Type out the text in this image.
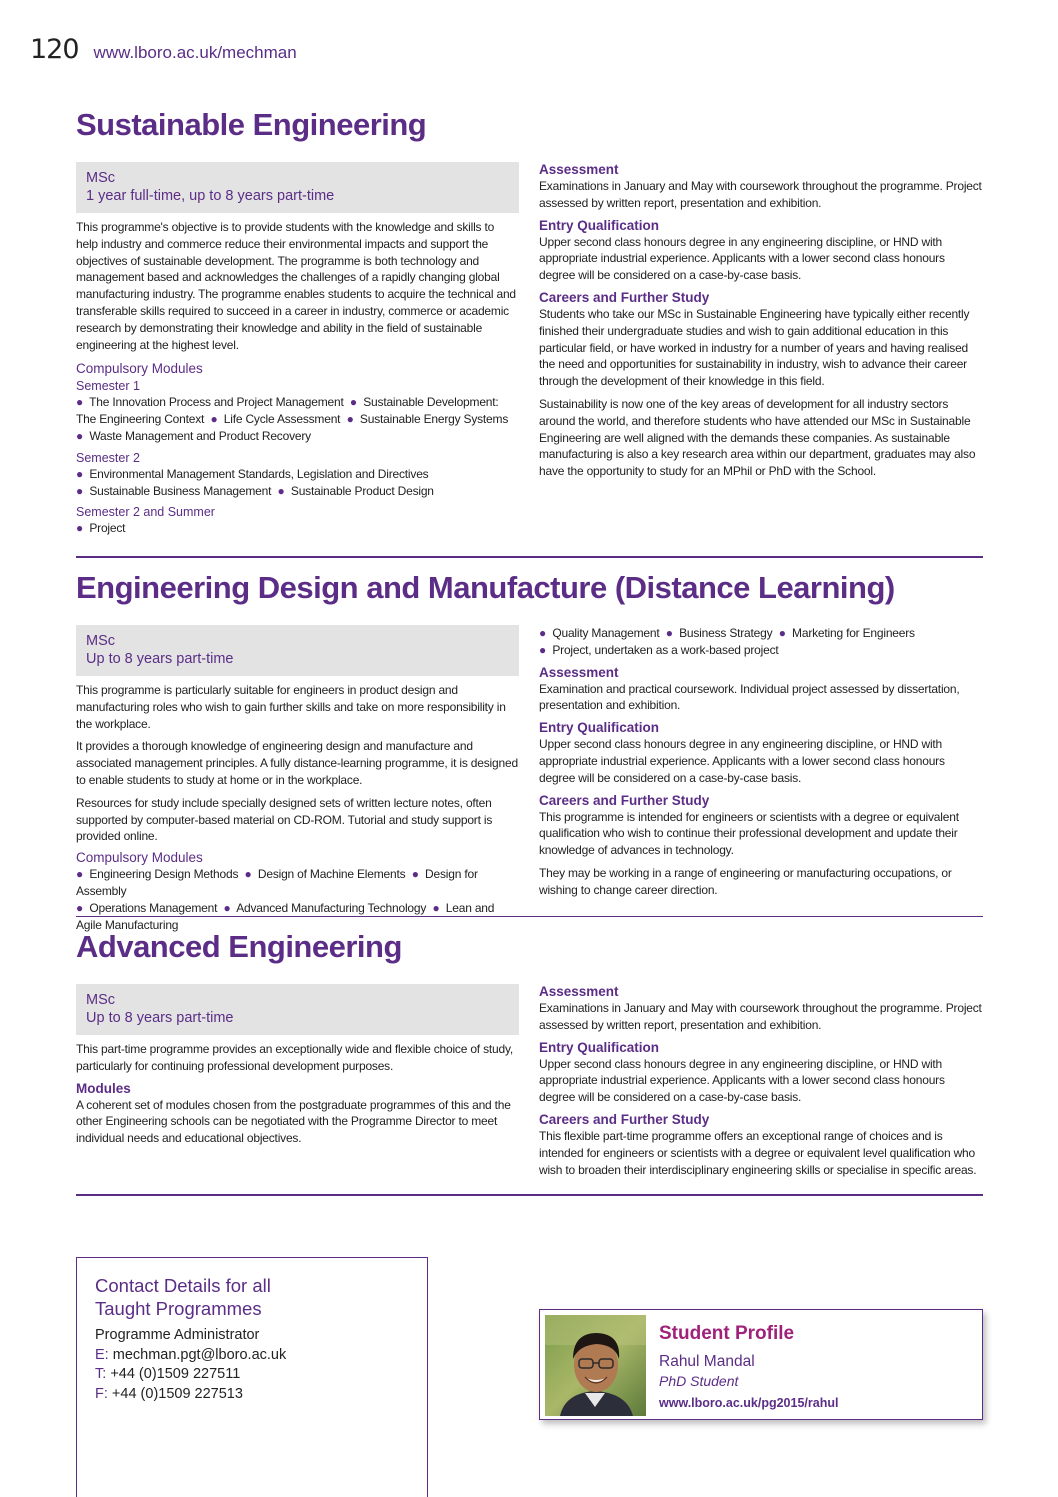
120 www.lboro.ac.uk/mechman
Sustainable Engineering
MSc
1 year full-time, up to 8 years part-time
This programme's objective is to provide students with the knowledge and skills to help industry and commerce reduce their environmental impacts and support the objectives of sustainable development. The programme is both technology and management based and acknowledges the challenges of a rapidly changing global manufacturing industry. The programme enables students to acquire the technical and transferable skills required to succeed in a career in industry, commerce or academic research by demonstrating their knowledge and ability in the field of sustainable engineering at the highest level.
Compulsory Modules
Semester 1
● The Innovation Process and Project Management ● Sustainable Development: The Engineering Context ● Life Cycle Assessment ● Sustainable Energy Systems
● Waste Management and Product Recovery
Semester 2
● Environmental Management Standards, Legislation and Directives
● Sustainable Business Management ● Sustainable Product Design
Semester 2 and Summer
● Project
Assessment
Examinations in January and May with coursework throughout the programme. Project assessed by written report, presentation and exhibition.
Entry Qualification
Upper second class honours degree in any engineering discipline, or HND with appropriate industrial experience. Applicants with a lower second class honours degree will be considered on a case-by-case basis.
Careers and Further Study
Students who take our MSc in Sustainable Engineering have typically either recently finished their undergraduate studies and wish to gain additional education in this particular field, or have worked in industry for a number of years and having realised the need and opportunities for sustainability in industry, wish to advance their career through the development of their knowledge in this field.
Sustainability is now one of the key areas of development for all industry sectors around the world, and therefore students who have attended our MSc in Sustainable Engineering are well aligned with the demands these companies. As sustainable manufacturing is also a key research area within our department, graduates may also have the opportunity to study for an MPhil or PhD with the School.
Engineering Design and Manufacture (Distance Learning)
MSc
Up to 8 years part-time
This programme is particularly suitable for engineers in product design and manufacturing roles who wish to gain further skills and take on more responsibility in the workplace.
It provides a thorough knowledge of engineering design and manufacture and associated management principles. A fully distance-learning programme, it is designed to enable students to study at home or in the workplace.
Resources for study include specially designed sets of written lecture notes, often supported by computer-based material on CD-ROM. Tutorial and study support is provided online.
Compulsory Modules
● Engineering Design Methods ● Design of Machine Elements ● Design for Assembly
● Operations Management ● Advanced Manufacturing Technology ● Lean and Agile Manufacturing
● Quality Management ● Business Strategy ● Marketing for Engineers
● Project, undertaken as a work-based project
Assessment
Examination and practical coursework. Individual project assessed by dissertation, presentation and exhibition.
Entry Qualification
Upper second class honours degree in any engineering discipline, or HND with appropriate industrial experience. Applicants with a lower second class honours degree will be considered on a case-by-case basis.
Careers and Further Study
This programme is intended for engineers or scientists with a degree or equivalent qualification who wish to continue their professional development and update their knowledge of advances in technology.
They may be working in a range of engineering or manufacturing occupations, or wishing to change career direction.
Advanced Engineering
MSc
Up to 8 years part-time
This part-time programme provides an exceptionally wide and flexible choice of study, particularly for continuing professional development purposes.
Modules
A coherent set of modules chosen from the postgraduate programmes of this and the other Engineering schools can be negotiated with the Programme Director to meet individual needs and educational objectives.
Assessment
Examinations in January and May with coursework throughout the programme. Project assessed by written report, presentation and exhibition.
Entry Qualification
Upper second class honours degree in any engineering discipline, or HND with appropriate industrial experience. Applicants with a lower second class honours degree will be considered on a case-by-case basis.
Careers and Further Study
This flexible part-time programme offers an exceptional range of choices and is intended for engineers or scientists with a degree or equivalent level qualification who wish to broaden their interdisciplinary engineering skills or specialise in specific areas.
Contact Details for all
Taught Programmes
Programme Administrator
E: mechman.pgt@lboro.ac.uk
T: +44 (0)1509 227511
F: +44 (0)1509 227513
Student Profile
Rahul Mandal
PhD Student
www.lboro.ac.uk/pg2015/rahul
